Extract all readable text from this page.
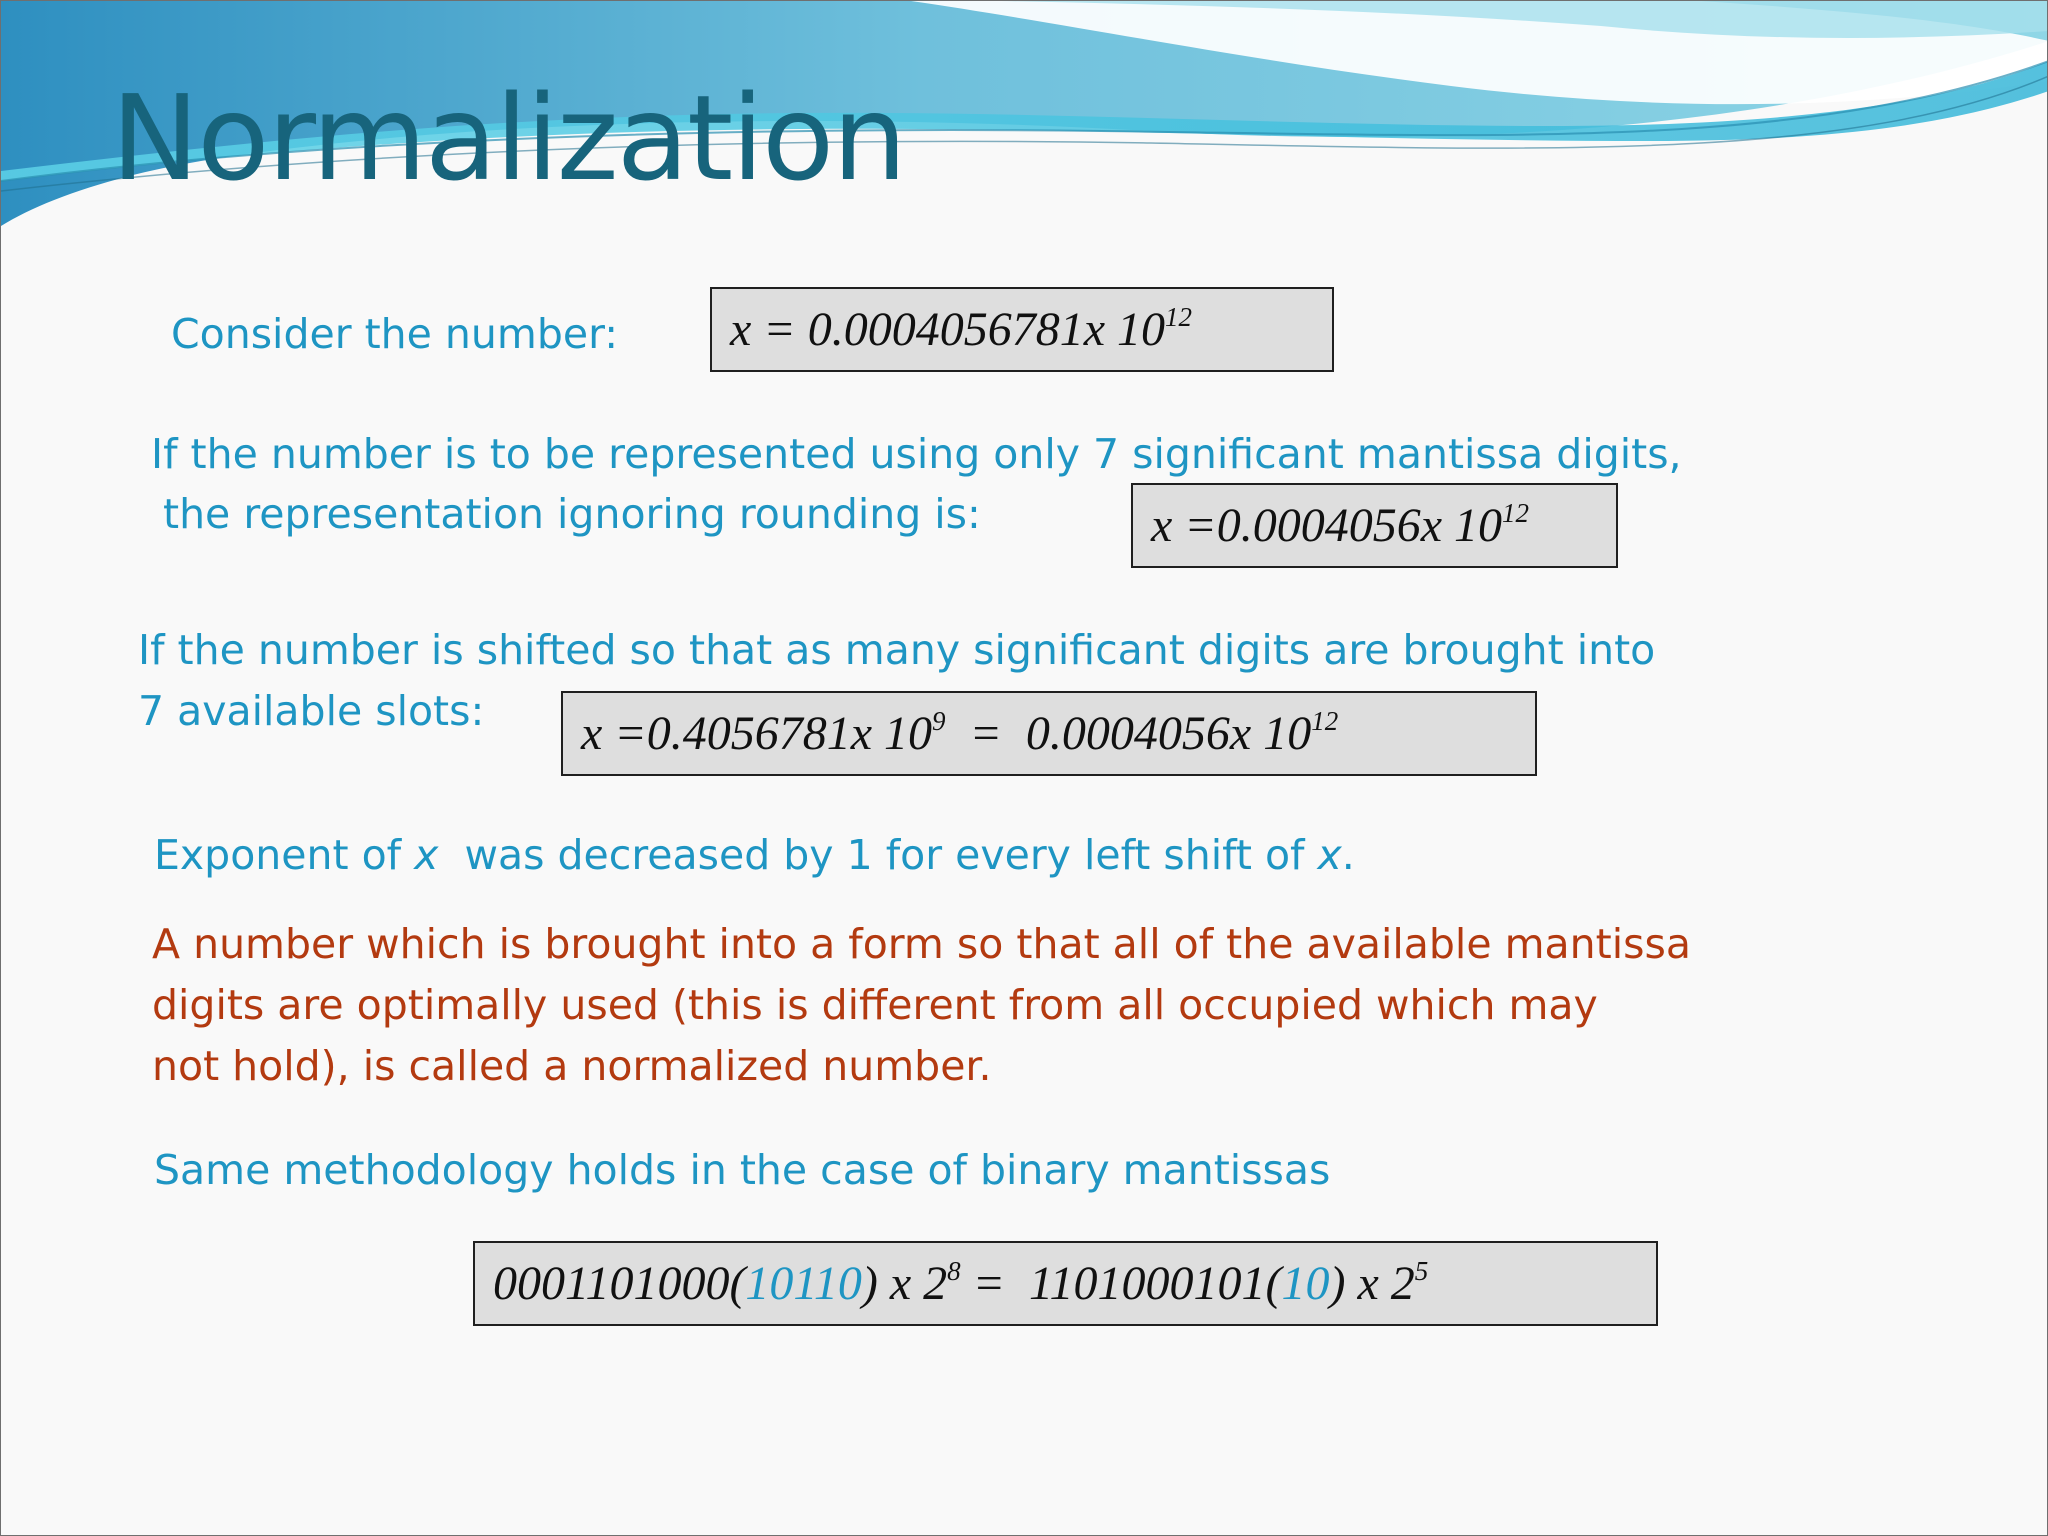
Normalization
Consider the number: x =
0.0004056781 x $10^{12}$
If the number is to be represented using only 7 significant mantissa digits,
the representation ignoring rounding is:	x = 0.0004056 x $10^{12}$
If the number is shifted so that as many significant digits are brought into
7 available slots: x = 0.4056781 x $10^9 = 0.0004056$ x $10^{12}$
Exponent of x  was decreased by 1 for every left shift of x.
A number which is brought into a form so that all of the available mantissa
digits are optimally used (this is different from all occupied which may
not hold), is called a normalized number.
Same methodology holds in the case of binary mantissas
0001101000( 10110 ) x $2^8 = 1101000101$( 10 ) x $2^5$
